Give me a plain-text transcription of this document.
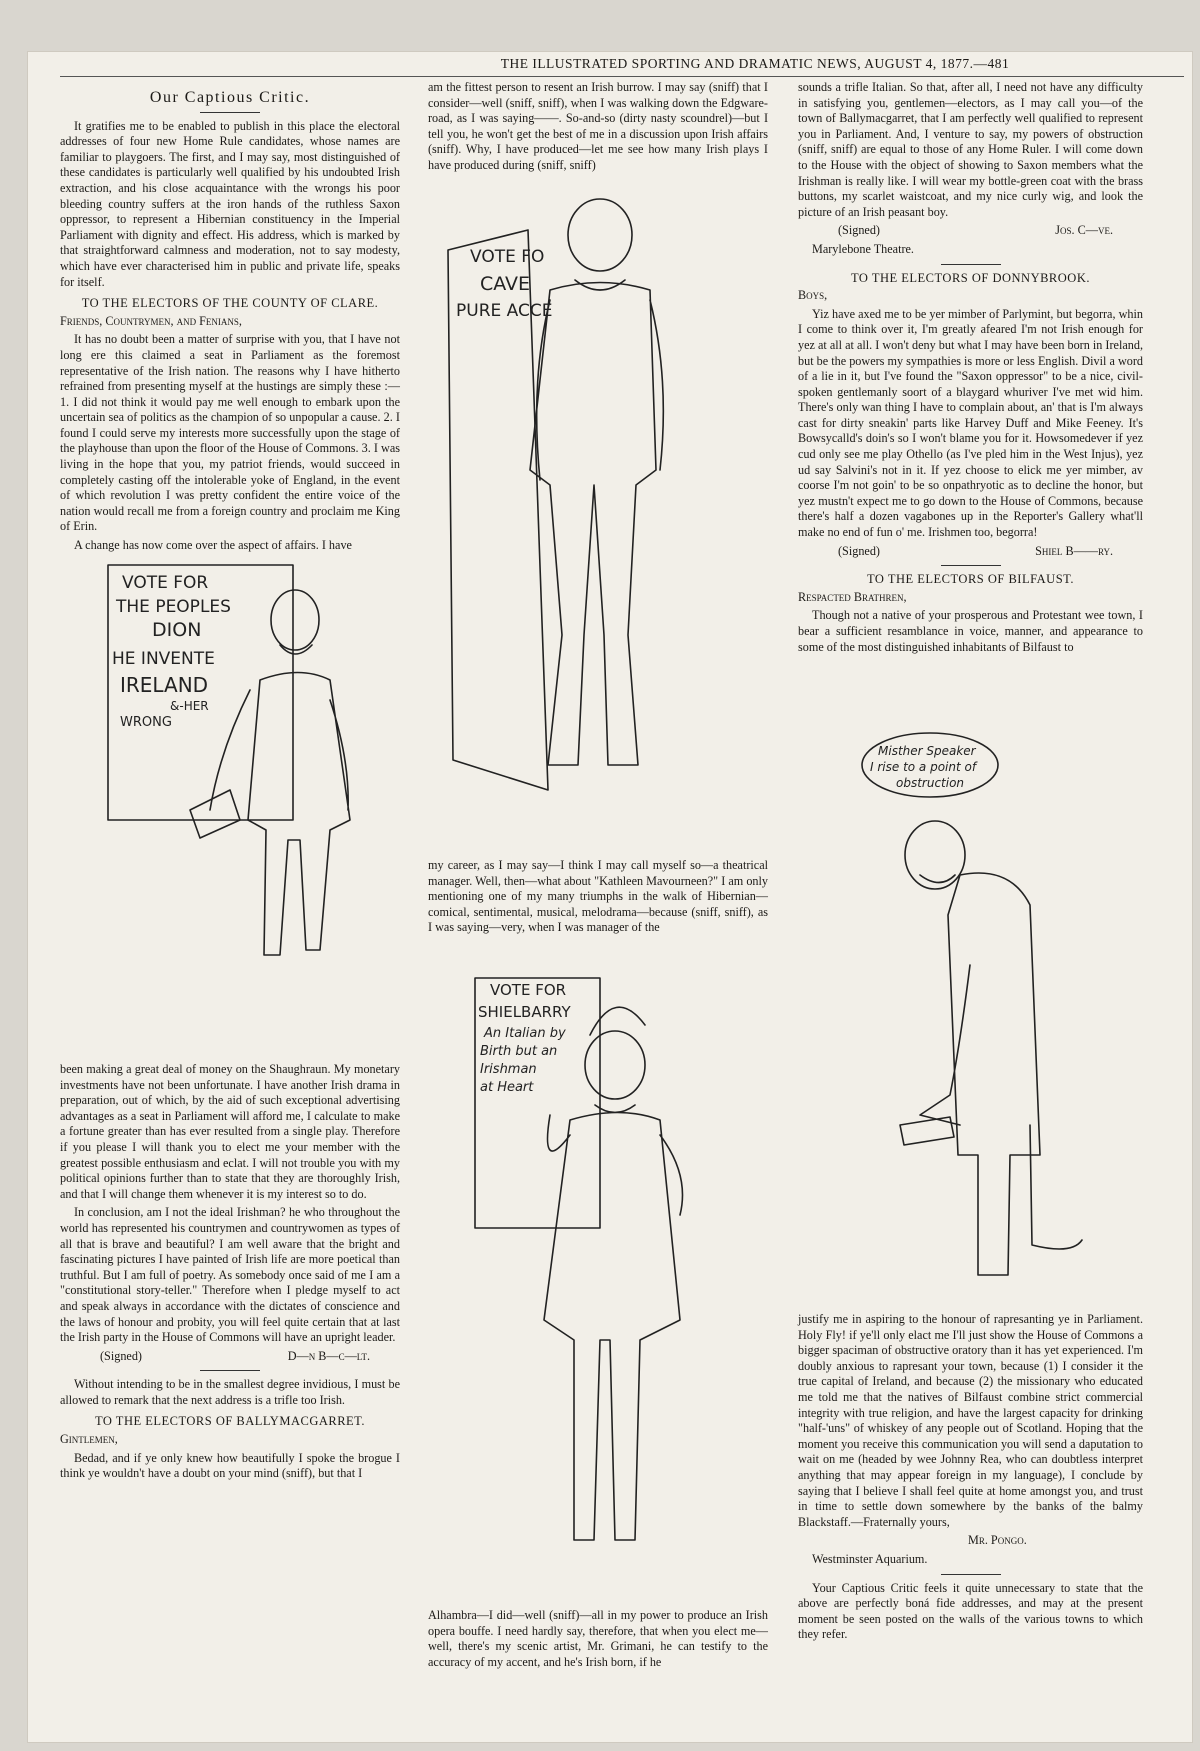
THE ILLUSTRATED SPORTING AND DRAMATIC NEWS, AUGUST 4, 1877.—481
Our Captious Critic.

It gratifies me to be enabled to publish in this place the electoral addresses of four new Home Rule candidates, whose names are familiar to playgoers. The first, and I may say, most distinguished of these candidates is particularly well qualified by his undoubted Irish extraction, and his close acquaintance with the wrongs his poor bleeding country suffers at the iron hands of the ruthless Saxon oppressor, to represent a Hibernian constituency in the Imperial Parliament with dignity and effect. His address, which is marked by that straightforward calmness and moderation, not to say modesty, which have ever characterised him in public and private life, speaks for itself.

TO THE ELECTORS OF THE COUNTY OF CLARE.

Friends, Countrymen, and Fenians,

It has no doubt been a matter of surprise with you, that I have not long ere this claimed a seat in Parliament as the foremost representative of the Irish nation. The reasons why I have hitherto refrained from presenting myself at the hustings are simply these :—1. I did not think it would pay me well enough to embark upon the uncertain sea of politics as the champion of so unpopular a cause. 2. I found I could serve my interests more successfully upon the stage of the playhouse than upon the floor of the House of Commons. 3. I was living in the hope that you, my patriot friends, would succeed in completely casting off the intolerable yoke of England, in the event of which revolution I was pretty confident the entire voice of the nation would recall me from a foreign country and proclaim me King of Erin.

A change has now come over the aspect of affairs. I have

VOTE FOR
THE PEOPLES
DION
HE INVENTE
IRELAND
&-HER
WRONG

been making a great deal of money on the Shaughraun. My monetary investments have not been unfortunate. I have another Irish drama in preparation, out of which, by the aid of such exceptional advertising advantages as a seat in Parliament will afford me, I calculate to make a fortune greater than has ever resulted from a single play. Therefore if you please I will thank you to elect me your member with the greatest possible enthusiasm and eclat. I will not trouble you with my political opinions further than to state that they are thoroughly Irish, and that I will change them whenever it is my interest so to do.

In conclusion, am I not the ideal Irishman? he who throughout the world has represented his countrymen and countrywomen as types of all that is brave and beautiful? I am well aware that the bright and fascinating pictures I have painted of Irish life are more poetical than truthful. But I am full of poetry. As somebody once said of me I am a "constitutional story-teller." Therefore when I pledge myself to act and speak always in accordance with the dictates of conscience and the laws of honour and probity, you will feel quite certain that at last the Irish party in the House of Commons will have an upright leader.

(Signed)	D—n B—c—lt.

Without intending to be in the smallest degree invidious, I must be allowed to remark that the next address is a trifle too Irish.

TO THE ELECTORS OF BALLYMACGARRET.

Gintlemen,

Bedad, and if ye only knew how beautifully I spoke the brogue I think ye wouldn't have a doubt on your mind (sniff), but that I

am the fittest person to resent an Irish burrow. I may say (sniff) that I consider—well (sniff, sniff), when I was walking down the Edgware-road, as I was saying——. So-and-so (dirty nasty scoundrel)—but I tell you, he won't get the best of me in a discussion upon Irish affairs (sniff). Why, I have produced—let me see how many Irish plays I have produced during (sniff, sniff)

VOTE FO
CAVE
PURE ACCE

my career, as I may say—I think I may call myself so—a theatrical manager. Well, then—what about "Kathleen Mavourneen?" I am only mentioning one of my many triumphs in the walk of Hibernian—comical, sentimental, musical, melodrama—because (sniff, sniff), as I was saying—very, when I was manager of the

VOTE FOR
SHIELBARRY
An Italian by
Birth but an
Irishman
at Heart

Alhambra—I did—well (sniff)—all in my power to produce an Irish opera bouffe. I need hardly say, therefore, that when you elect me—well, there's my scenic artist, Mr. Grimani, he can testify to the accuracy of my accent, and he's Irish born, if he

sounds a trifle Italian. So that, after all, I need not have any difficulty in satisfying you, gentlemen—electors, as I may call you—of the town of Ballymacgarret, that I am perfectly well qualified to represent you in Parliament. And, I venture to say, my powers of obstruction (sniff, sniff) are equal to those of any Home Ruler. I will come down to the House with the object of showing to Saxon members what the Irishman is really like. I will wear my bottle-green coat with the brass buttons, my scarlet waistcoat, and my nice curly wig, and look the picture of an Irish peasant boy.

(Signed)	Jos. C—ve.

Marylebone Theatre.

TO THE ELECTORS OF DONNYBROOK.

Boys,

Yiz have axed me to be yer mimber of Parlymint, but begorra, whin I come to think over it, I'm greatly afeared I'm not Irish enough for yez at all at all. I won't deny but what I may have been born in Ireland, but be the powers my sympathies is more or less English. Divil a word of a lie in it, but I've found the "Saxon oppressor" to be a nice, civil-spoken gentlemanly soort of a blaygard whuriver I've met wid him. There's only wan thing I have to complain about, an' that is I'm always cast for dirty sneakin' parts like Harvey Duff and Mike Feeney. It's Bowsycalld's doin's so I won't blame you for it. Howsomedever if yez cud only see me play Othello (as I've pled him in the West Injus), yez ud say Salvini's not in it. If yez choose to elick me yer mimber, av coorse I'm not goin' to be so onpathryotic as to decline the honor, but yez mustn't expect me to go down to the House of Commons, because there's half a dozen vagabones up in the Reporter's Gallery what'll make no end of fun o' me. Irishmen too, begorra!

(Signed)	Shiel B——ry.

TO THE ELECTORS OF BILFAUST.

Respacted Brathren,

Though not a native of your prosperous and Protestant wee town, I bear a sufficient resamblance in voice, manner, and appearance to some of the most distinguished inhabitants of Bilfaust to

Misther Speaker
I rise to a point of
obstruction

justify me in aspiring to the honour of rapresanting ye in Parliament. Holy Fly! if ye'll only elact me I'll just show the House of Commons a bigger spaciman of obstructive oratory than it has yet experienced. I'm doubly anxious to rapresant your town, because (1) I consider it the true capital of Ireland, and because (2) the missionary who educated me told me that the natives of Bilfaust combine strict commercial integrity with true religion, and have the largest capacity for drinking "half-'uns" of whiskey of any people out of Scotland. Hoping that the moment you receive this communication you will send a daputation to wait on me (headed by wee Johnny Rea, who can doubtless interpret anything that may appear foreign in my language), I conclude by saying that I believe I shall feel quite at home amongst you, and trust in time to settle down somewhere by the banks of the balmy Blackstaff.—Fraternally yours,

Mr. Pongo.

Westminster Aquarium.

Your Captious Critic feels it quite unnecessary to state that the above are perfectly boná fide addresses, and may at the present moment be seen posted on the walls of the various towns to which they refer.
